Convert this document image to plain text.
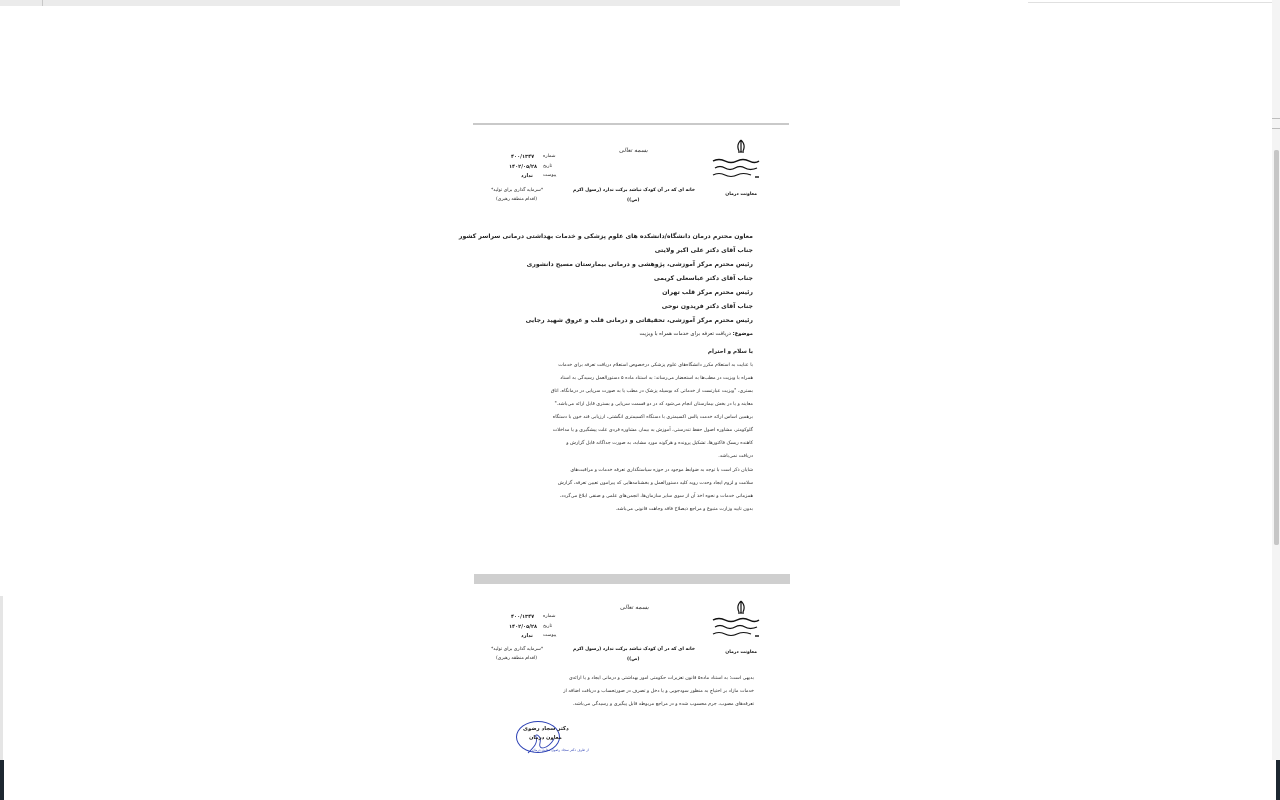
معاونت درمان
بسمه تعالی
خانه ای که در آن کودک نباشد برکت ندارد (رسول اکرم
(ص))
شماره
تاریخ
پیوست
۴۰۰/۱۳۴۷
۱۴۰۲/۰۵/۲۸
ندارد
*سرمایه گذاری برای تولید*
(اقدام منطقه رهبری)
معاون محترم درمان دانشگاه/دانشکده های علوم پزشکی و خدمات بهداشتی درمانی سراسر کشور
جناب آقای دکتر علی اکبر ولایتی
رئیس محترم مرکز آموزشی، پژوهشی و درمانی بیمارستان مسیح دانشوری
جناب آقای دکتر عباسعلی کریمی
رئیس محترم مرکز قلب تهران
جناب آقای دکتر فریدون نوحی
رئیس محترم مرکز آموزشی، تحقیقاتی و درمانی قلب و عروق شهید رجایی
موضوع: دریافت تعرفه برای خدمات همراه با ویزیت
با سلام و احترام
با عنایت به استعلام مکرر دانشگاه‌های علوم پزشکی درخصوص استعلام دریافت تعرفه برای خدمات
همراه با ویزیت در مطب‌ها به استحضار می‌رساند: به استناد ماده ۵ دستورالعمل رسیدگی به اسناد
بستری، "ویزیت عبارتست از خدماتی که بوسیله پزشک در مطب یا به صورت سرپایی در درمانگاه، اتاق
معاینه و یا در بخش بیمارستان انجام می‌شود که در دو قسمت سرپایی و بستری قابل ارائه می‌باشد."
برهمین اساس ارائه خدمت پالس اکسیمتری با دستگاه اکسیمتری انگشتی، ارزیابی قند خون با دستگاه
گلوکومتر، مشاوره اصول حفظ تندرستی، آموزش به بیمار، مشاوره فردی علت پیشگیری و یا مداخلات
کاهنده ریسک فاکتورها، تشکیل پرونده و هرگونه مورد مشابه، به صورت جداگانه قابل گزارش و
دریافت نمی‌باشد.
شایان ذکر است با توجه به ضوابط موجود در حوزه سیاستگذاری تعرفه خدمات و مراقبت‌های
سلامت و لزوم ایجاد وحدت رویه کلیه دستورالعمل و بخشنامه‌هایی که پیرامون تعیین تعرفه، گزارش
همزمانی خدمات و نحوه اخذ آن از سوی سایر سازمان‌ها، انجمن‌های علمی و صنفی ابلاغ می‌گردد،
بدون تایید وزارت متبوع و مراجع ذیصلاح فاقد وجاهت قانونی می‌باشد.
معاونت درمان
بسمه تعالی
خانه ای که در آن کودک نباشد برکت ندارد (رسول اکرم
(ص))
شماره
تاریخ
پیوست
۴۰۰/۱۳۴۷
۱۴۰۲/۰۵/۲۸
ندارد
*سرمایه گذاری برای تولید*
(اقدام منطقه رهبری)
بدیهی است؛ به استناد ماده۵ قانون تعزیرات حکومتی امور بهداشتی و درمانی ایجاد و یا ارائه‌ی
خدمات مازاد بر احتیاج به منظور سودجویی و یا دخل و تصرف در صورتحساب و دریافت اضافه از
تعرفه‌های مصوب، جرم محسوب شده و در مراجع مربوطه قابل پیگیری و رسیدگی می‌باشد.
دکتر سجاد رضوی
معاون درمان
از طرف دکتر سجاد رضوی معاون درمان
